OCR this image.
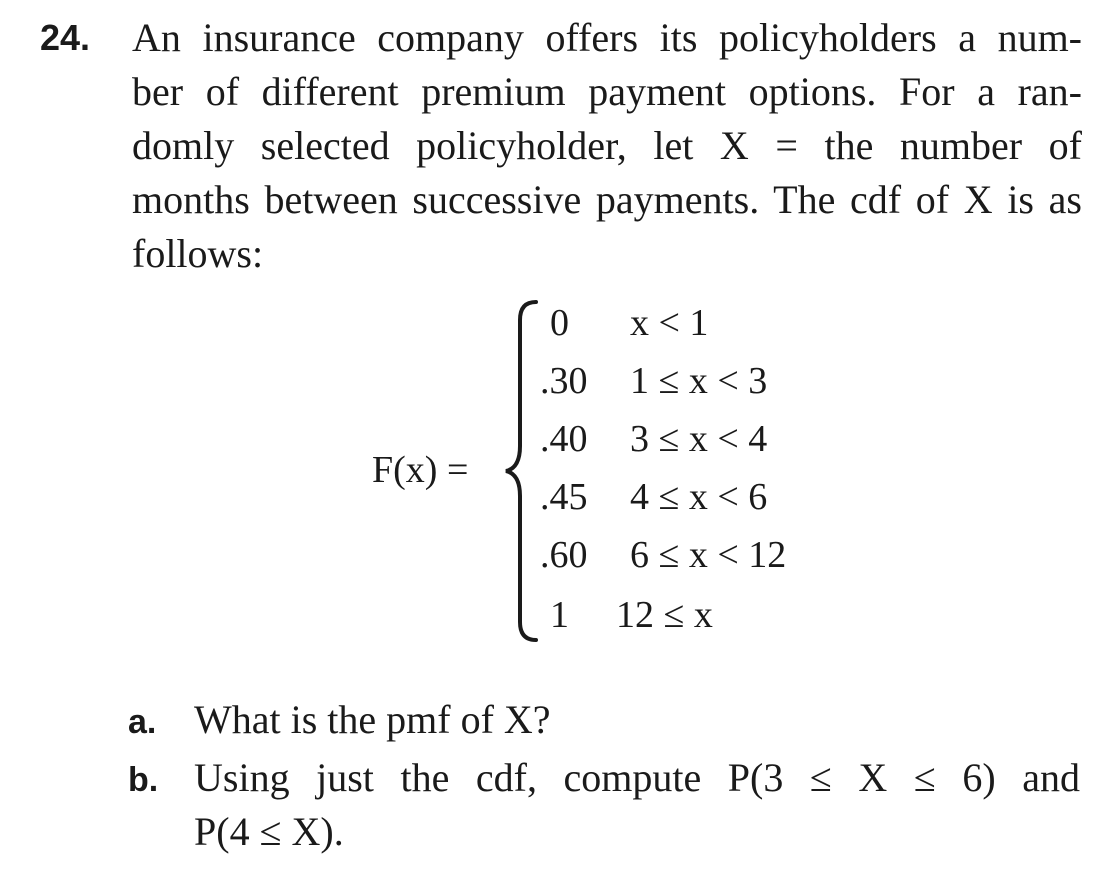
24. An insurance company offers its policyholders a num-
ber of different premium payment options. For a ran-
domly selected policyholder, let X = the number of
months between successive payments. The cdf of X is as
follows:
F(x) =
0 x < 1
.30 1 ≤ x < 3
.40 3 ≤ x < 4
.45 4 ≤ x < 6
.60 6 ≤ x < 12
1 12 ≤ x
a. What is the pmf of X?
b. Using just the cdf, compute P(3 ≤ X ≤ 6) and
P(4 ≤ X).
